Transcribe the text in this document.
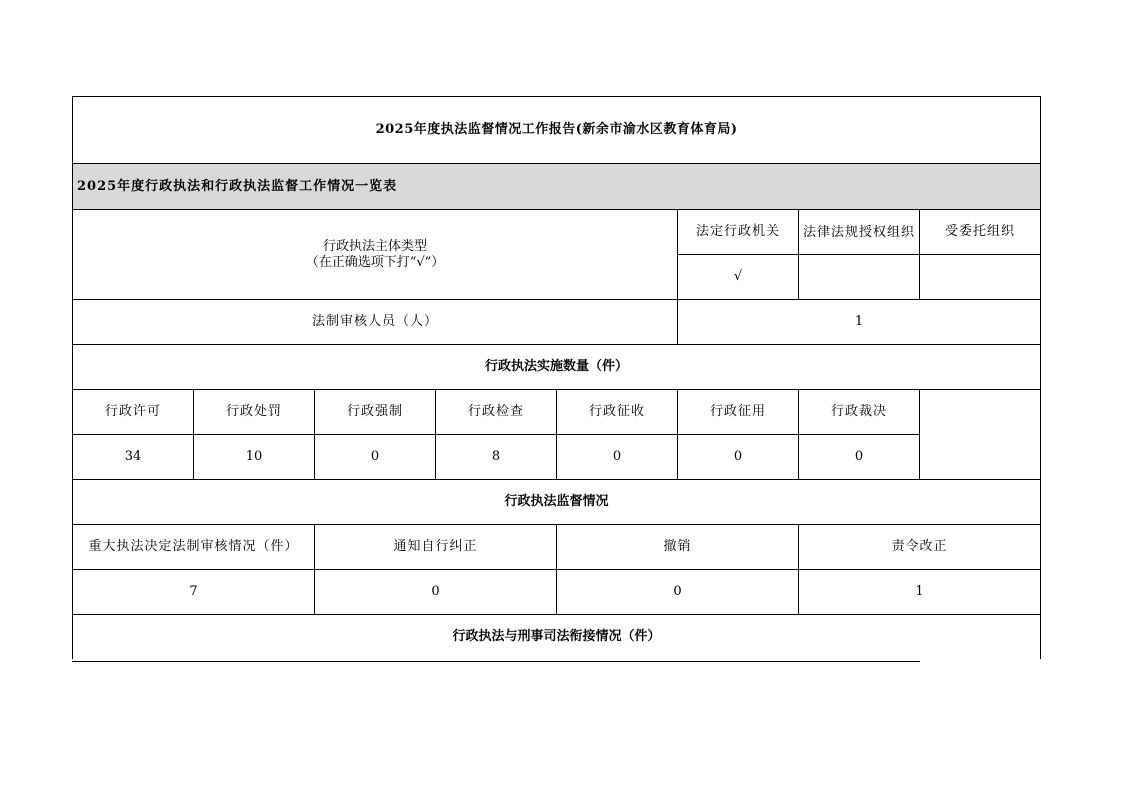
2025年度执法监督情况工作报告(新余市渝水区教育体育局)							
2025年度行政执法和行政执法监督工作情况一览表							

行政执法主体类型
（在正确选项下打“√”）					法定行政机关	法律法规授权组织	受委托组织
					√		
法制审核人员（人）					1		
行政执法实施数量（件）							
行政许可	行政处罚	行政强制	行政检查	行政征收	行政征用	行政裁决	
34	10	0	8	0	0	0	
行政执法监督情况							
重大执法决定法制审核情况（件）		通知自行纠正		撤销		责令改正	
7		0		0		1	
行政执法与刑事司法衔接情况（件）							
